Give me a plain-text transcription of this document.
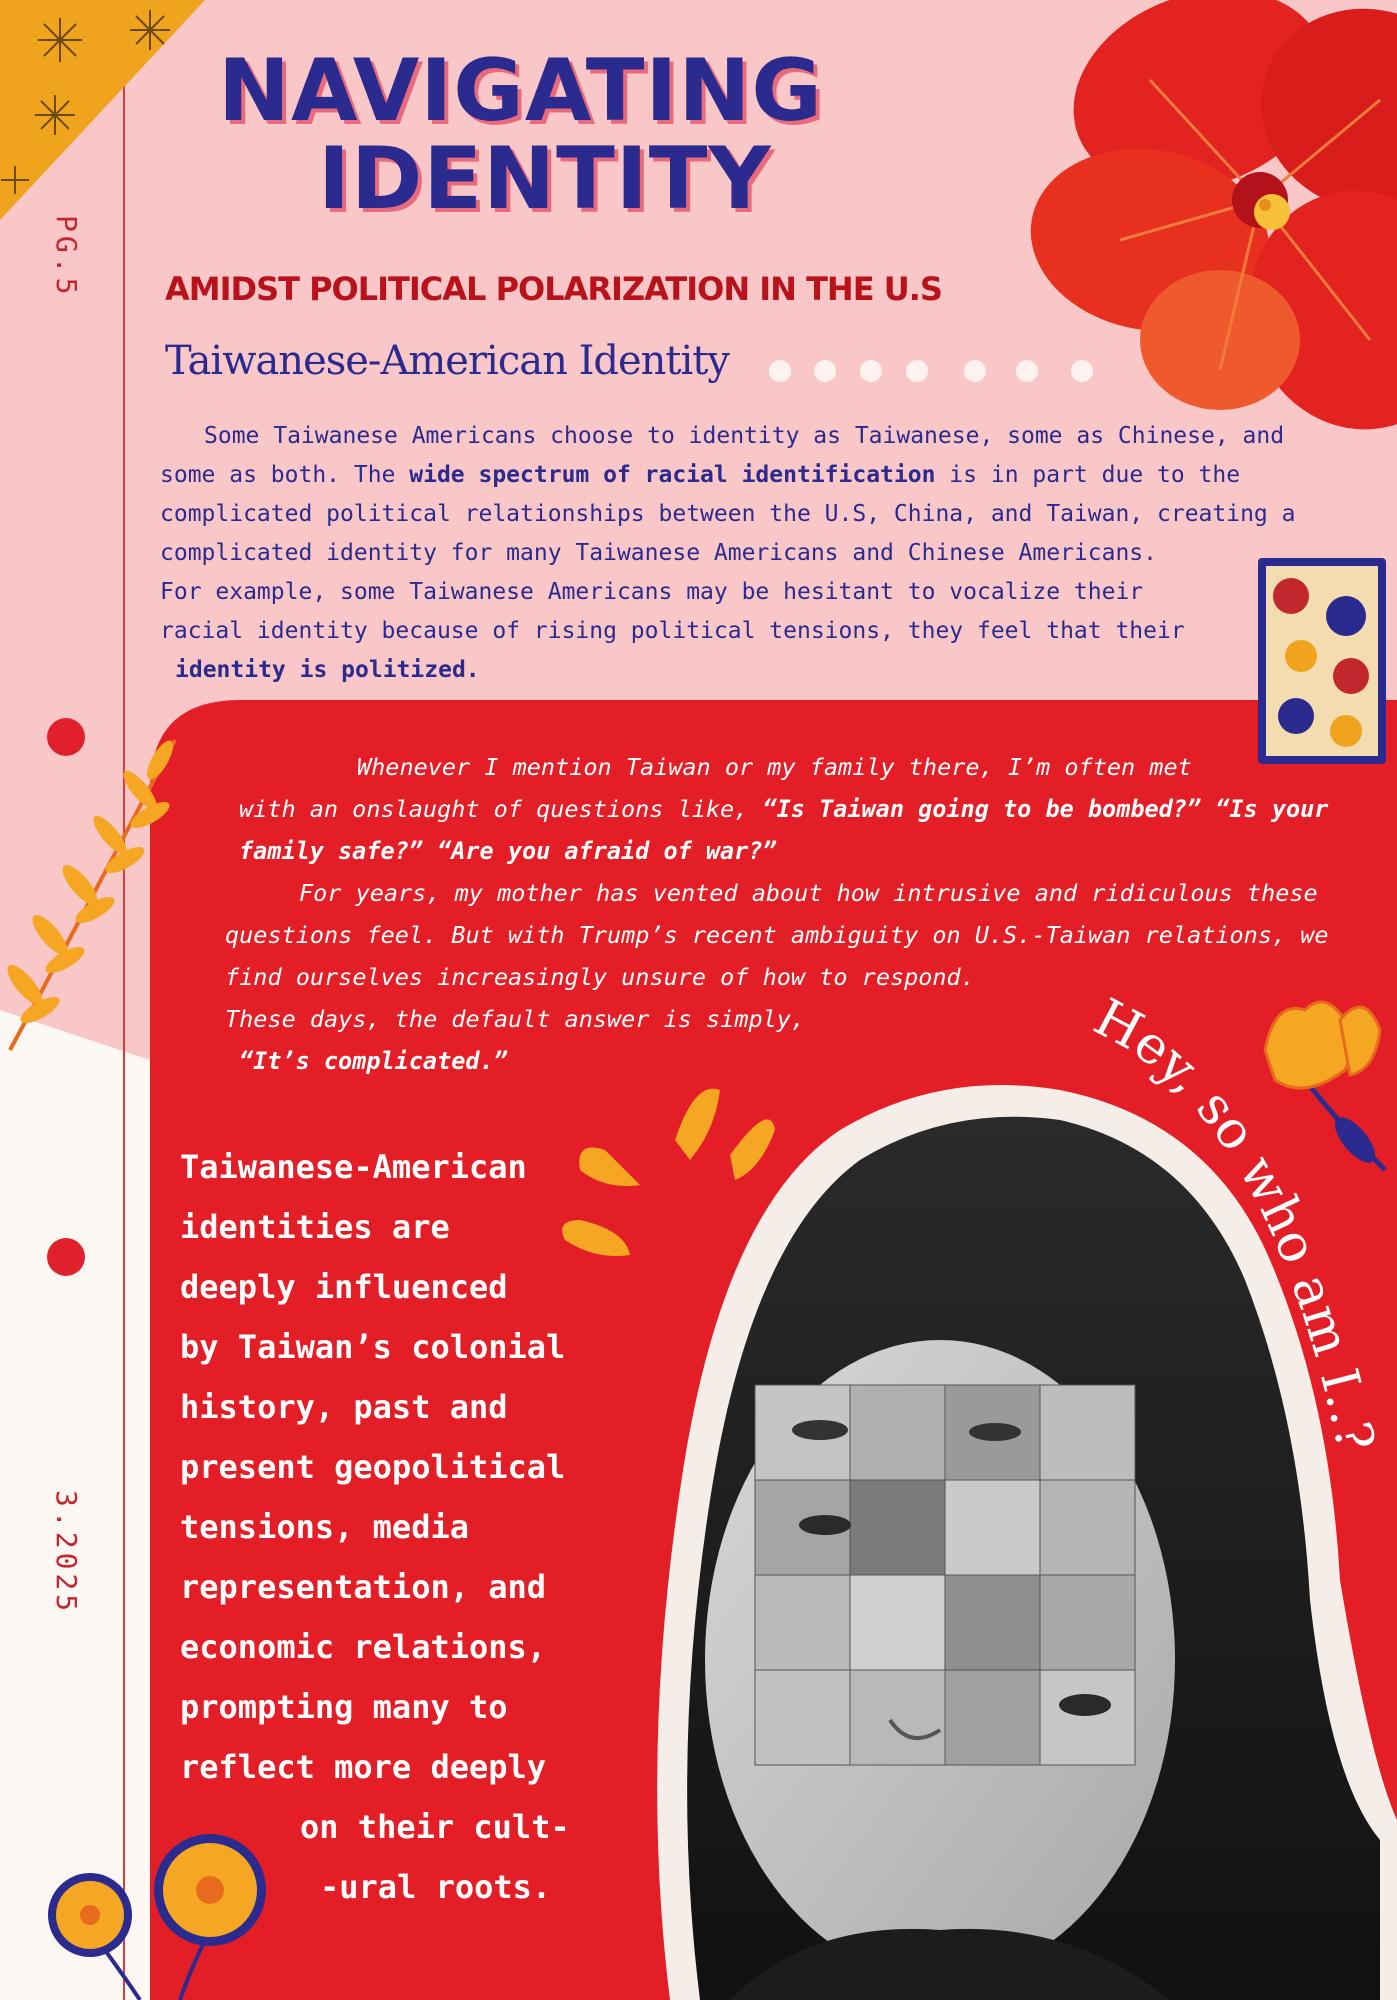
NAVIGATING
IDENTITY
AMIDST POLITICAL POLARIZATION IN THE U.S
PG.5
3.2025
Taiwanese-American Identity
Some Taiwanese Americans choose to identity as Taiwanese, some as Chinese, and
some as both. The wide spectrum of racial identification is in part due to the
complicated political relationships between the U.S, China, and Taiwan, creating a
complicated identity for many Taiwanese Americans and Chinese Americans.
For example, some Taiwanese Americans may be hesitant to vocalize their
racial identity because of rising political tensions, they feel that their
identity is politized.
Whenever I mention Taiwan or my family there, I’m often met
with an onslaught of questions like, “Is Taiwan going to be bombed?” “Is your
family safe?” “Are you afraid of war?”
For years, my mother has vented about how intrusive and ridiculous these
questions feel. But with Trump’s recent ambiguity on U.S.-Taiwan relations, we
find ourselves increasingly unsure of how to respond.
These days, the default answer is simply,
“It’s complicated.”	Hey, so who am I..?
Taiwanese-American
identities are
deeply influenced
by Taiwan’s colonial
history, past and
present geopolitical
tensions, media
representation, and
economic relations,
prompting many to
reflect more deeply
on their cult-
-ural roots.
